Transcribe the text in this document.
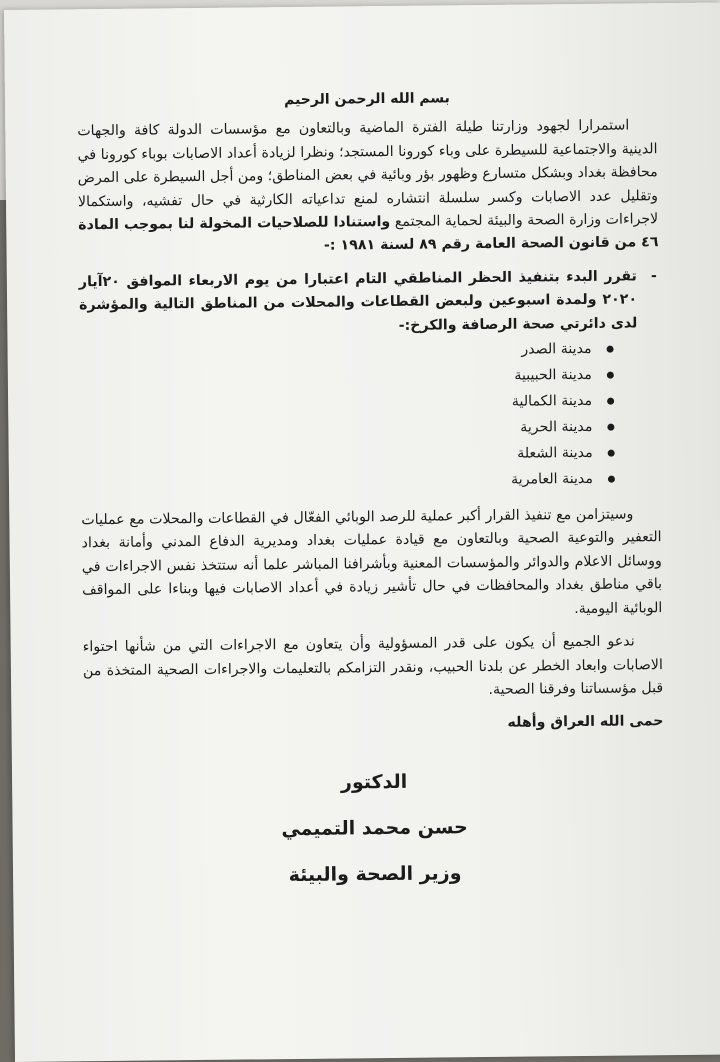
بسم الله الرحمن الرحيم

استمرارا لجهود وزارتنا طيلة الفترة الماضية وبالتعاون مع مؤسسات الدولة كافة والجهات الدينية والاجتماعية للسيطرة على وباء كورونا المستجد؛ ونظرا لزيادة أعداد الاصابات بوباء كورونا في محافظة بغداد وبشكل متسارع وظهور بؤر وبائية في بعض المناطق؛ ومن أجل السيطرة على المرض وتقليل عدد الاصابات وكسر سلسلة انتشاره لمنع تداعياته الكارثية في حال تفشيه، واستكمالا لاجراءات وزارة الصحة والبيئة لحماية المجتمع واستنادا للصلاحيات المخولة لنا بموجب المادة ٤٦ من قانون الصحة العامة رقم ٨٩ لسنة ١٩٨١ :-

-
تقرر البدء بتنفيذ الحظر المناطقي التام اعتبارا من يوم الاربعاء الموافق ٢٠آيار ٢٠٢٠ ولمدة اسبوعين ولبعض القطاعات والمحلات من المناطق التالية والمؤشرة لدى دائرتي صحة الرصافة والكرخ:-
مدينة الصدر
مدينة الحبيبية
مدينة الكمالية
مدينة الحرية
مدينة الشعلة
مدينة العامرية

وسيتزامن مع تنفيذ القرار أكبر عملية للرصد الوبائي الفعّال في القطاعات والمحلات مع عمليات التعفير والتوعية الصحية وبالتعاون مع قيادة عمليات بغداد ومديرية الدفاع المدني وأمانة بغداد ووسائل الاعلام والدوائر والمؤسسات المعنية وبأشرافنا المباشر علما أنه ستتخذ نفس الاجراءات في باقي مناطق بغداد والمحافظات في حال تأشير زيادة في أعداد الاصابات فيها وبناءا على المواقف الوبائية اليومية.

ندعو الجميع أن يكون على قدر المسؤولية وأن يتعاون مع الاجراءات التي من شأنها احتواء الاصابات وابعاد الخطر عن بلدنا الحبيب، ونقدر التزامكم بالتعليمات والاجراءات الصحية المتخذة من قبل مؤسساتنا وفرقنا الصحية.

حمى الله العراق وأهله
الدكتور
حسن محمد التميمي
وزير الصحة والبيئة
